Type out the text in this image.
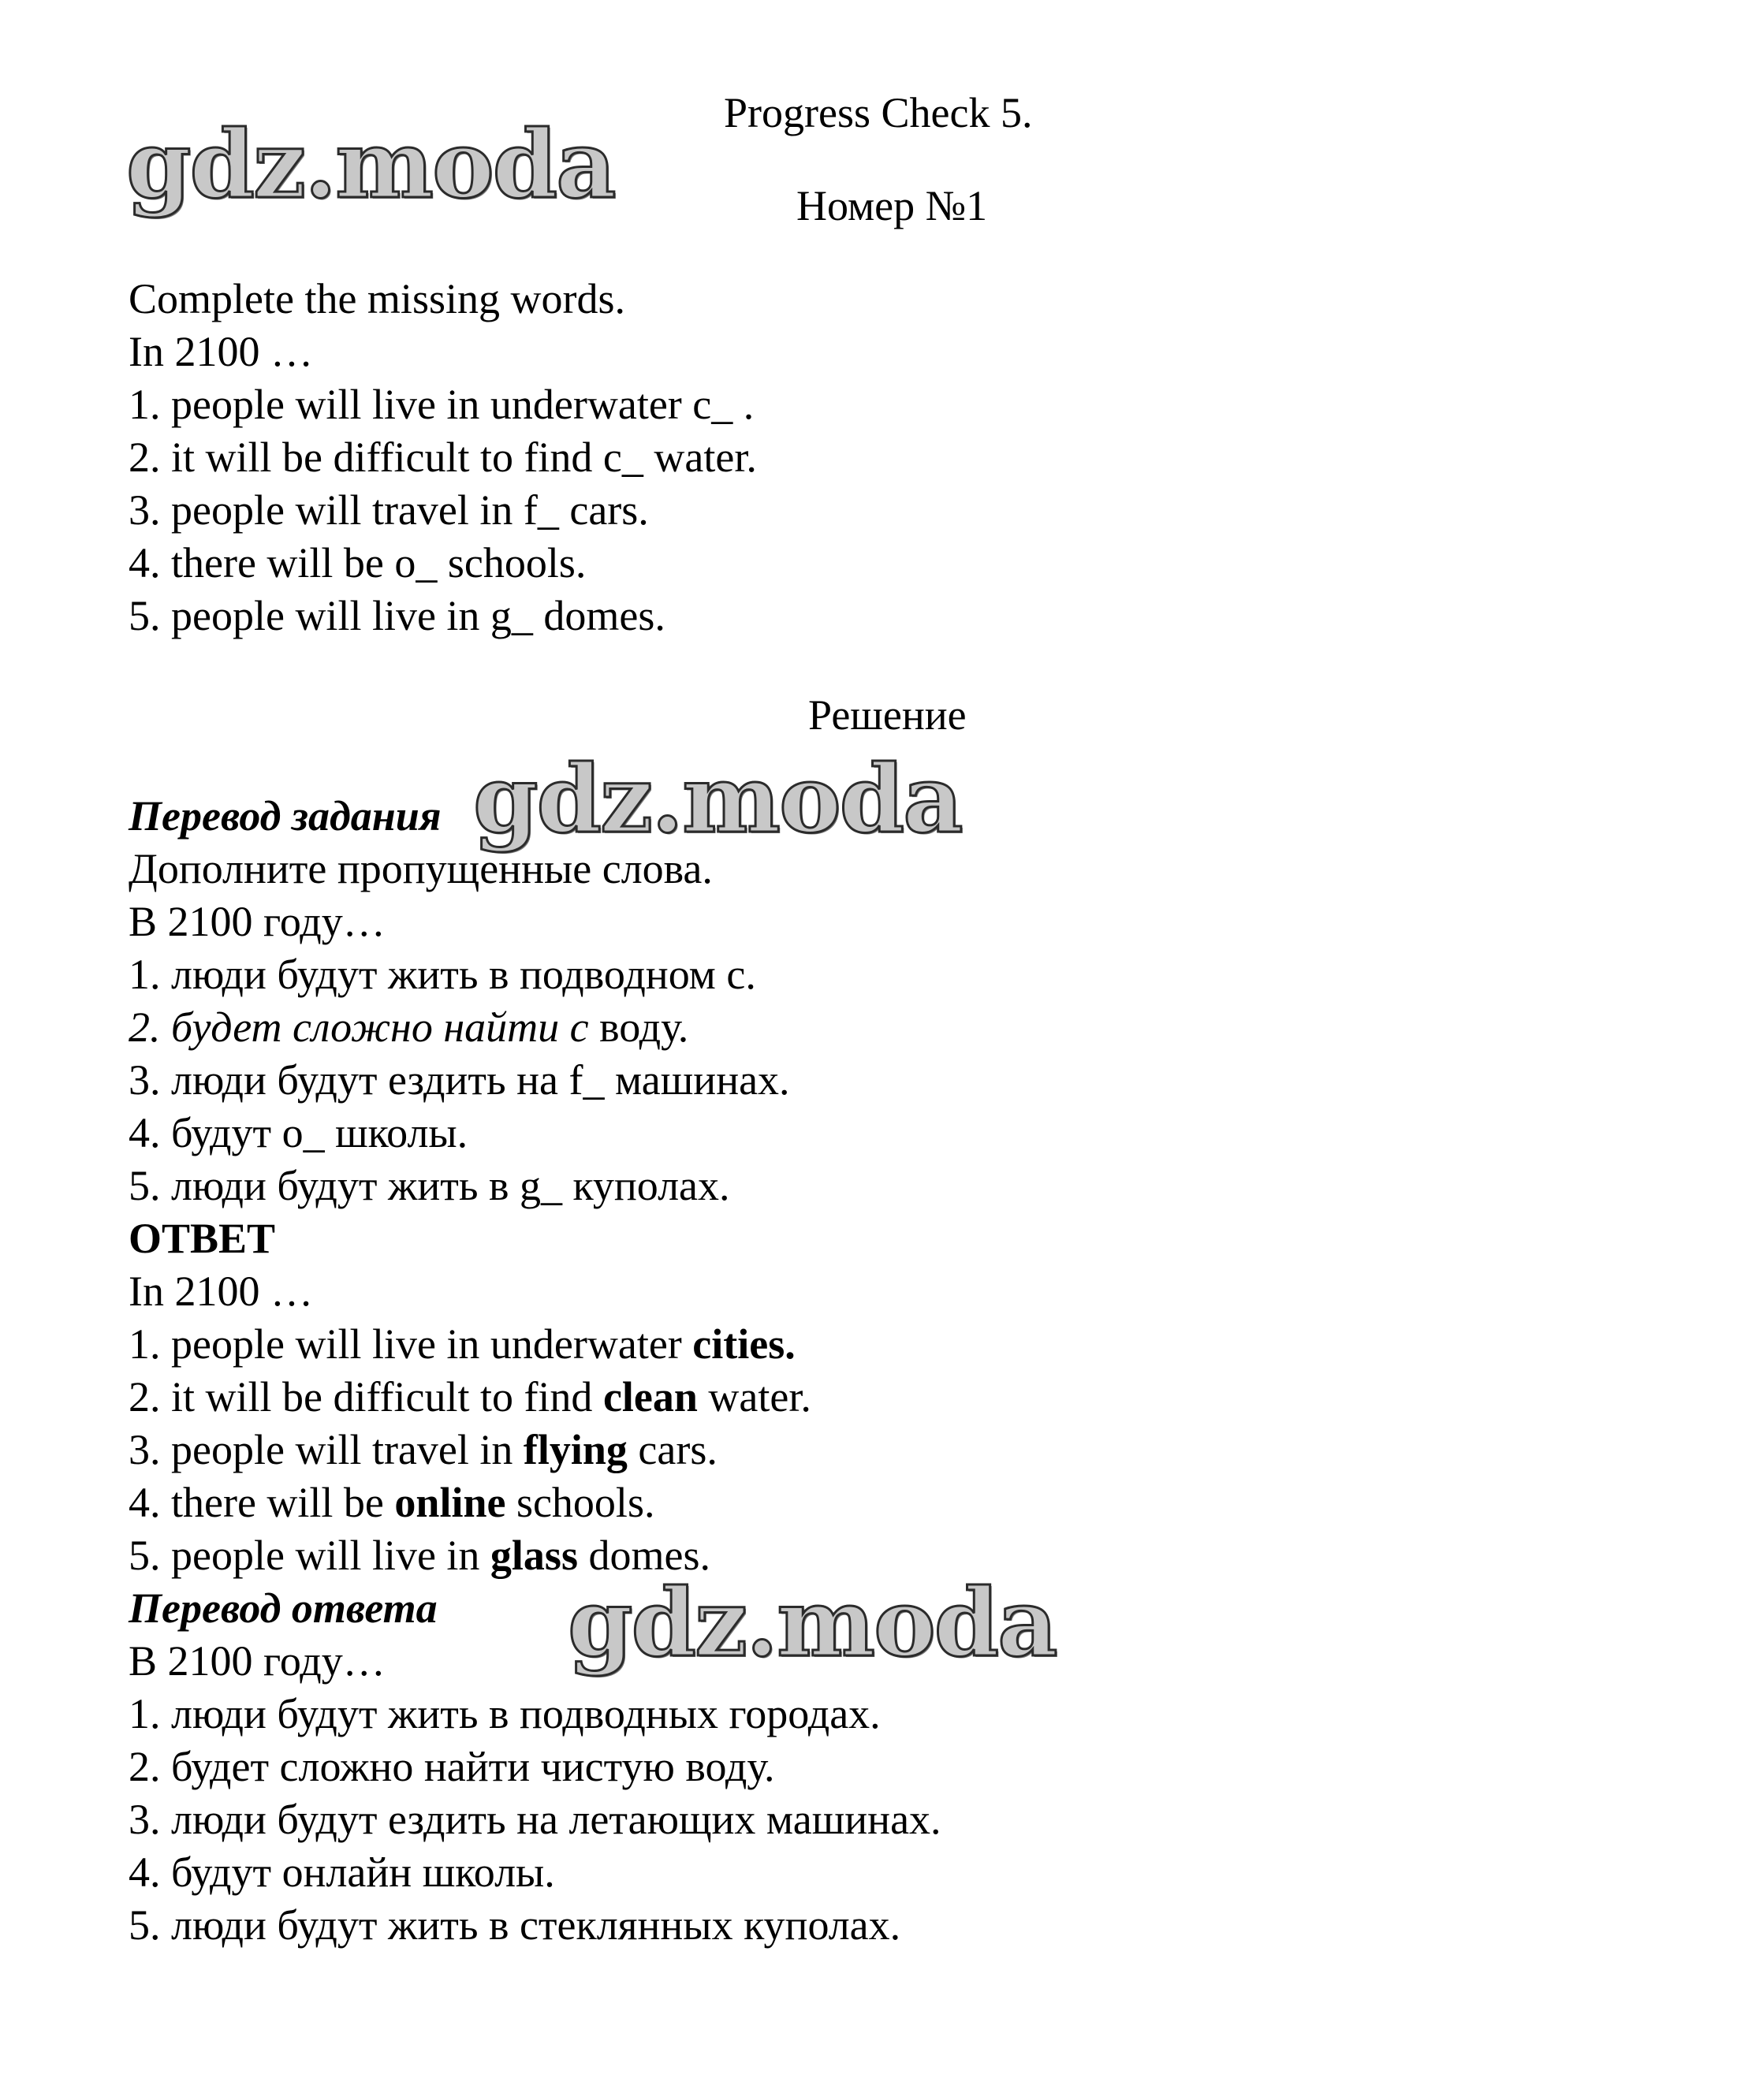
gdz.moda
gdz.moda
gdz.moda
Progress Check 5.
Номер №1
Complete the missing words.
In 2100 …
1. people will live in underwater c_ .
2. it will be difficult to find c_ water.
3. people will travel in f_ cars.
4. there will be o_ schools.
5. people will live in g_ domes.
Решение
Перевод задания
Дополните пропущенные слова.
В 2100 году…
1. люди будут жить в подводном с.
2. будет сложно найти с воду.
3. люди будут ездить на f_ машинах.
4. будут о_ школы.
5. люди будут жить в g_ куполах.
ОТВЕТ
In 2100 …
1. people will live in underwater cities.
2. it will be difficult to find clean water.
3. people will travel in flying cars.
4. there will be online schools.
5. people will live in glass domes.
Перевод ответа
В 2100 году…
1. люди будут жить в подводных городах.
2. будет сложно найти чистую воду.
3. люди будут ездить на летающих машинах.
4. будут онлайн школы.
5. люди будут жить в стеклянных куполах.
